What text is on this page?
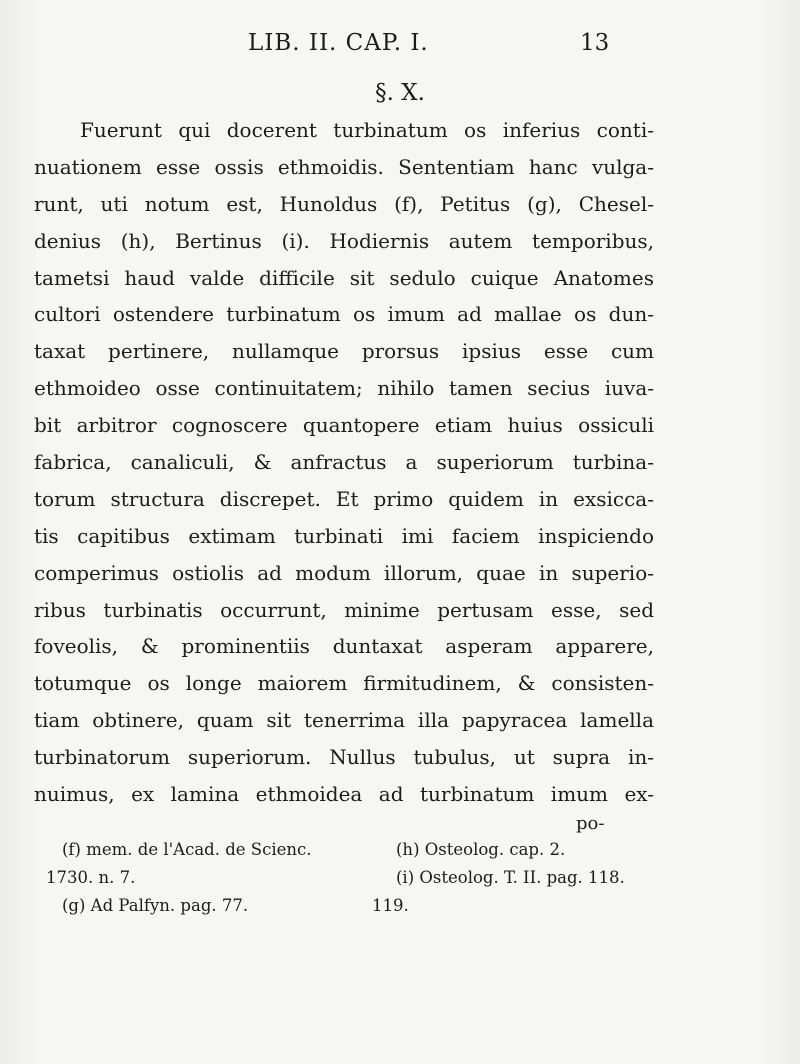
LIB. II. CAP. I.	13
§. X.
Fuerunt qui docerent turbinatum os inferius conti-
nuationem esse ossis ethmoidis. Sententiam hanc vulga-
runt, uti notum est, Hunoldus (f), Petitus (g), Chesel-
denius (h), Bertinus (i). Hodiernis autem temporibus,
tametsi haud valde difficile sit sedulo cuique Anatomes
cultori ostendere turbinatum os imum ad mallae os dun-
taxat pertinere, nullamque prorsus ipsius esse cum
ethmoideo osse continuitatem; nihilo tamen secius iuva-
bit arbitror cognoscere quantopere etiam huius ossiculi
fabrica, canaliculi, & anfractus a superiorum turbina-
torum structura discrepet. Et primo quidem in exsicca-
tis capitibus extimam turbinati imi faciem inspiciendo
comperimus ostiolis ad modum illorum, quae in superio-
ribus turbinatis occurrunt, minime pertusam esse, sed
foveolis, & prominentiis duntaxat asperam apparere,
totumque os longe maiorem firmitudinem, & consisten-
tiam obtinere, quam sit tenerrima illa papyracea lamella
turbinatorum superiorum. Nullus tubulus, ut supra in-
nuimus, ex lamina ethmoidea ad turbinatum imum ex-
po-
(f) mem. de l'Acad. de Scienc.	(h) Osteolog. cap. 2.
1730. n. 7.	(i) Osteolog. T. II. pag. 118.
(g) Ad Palfyn. pag. 77.	119.
